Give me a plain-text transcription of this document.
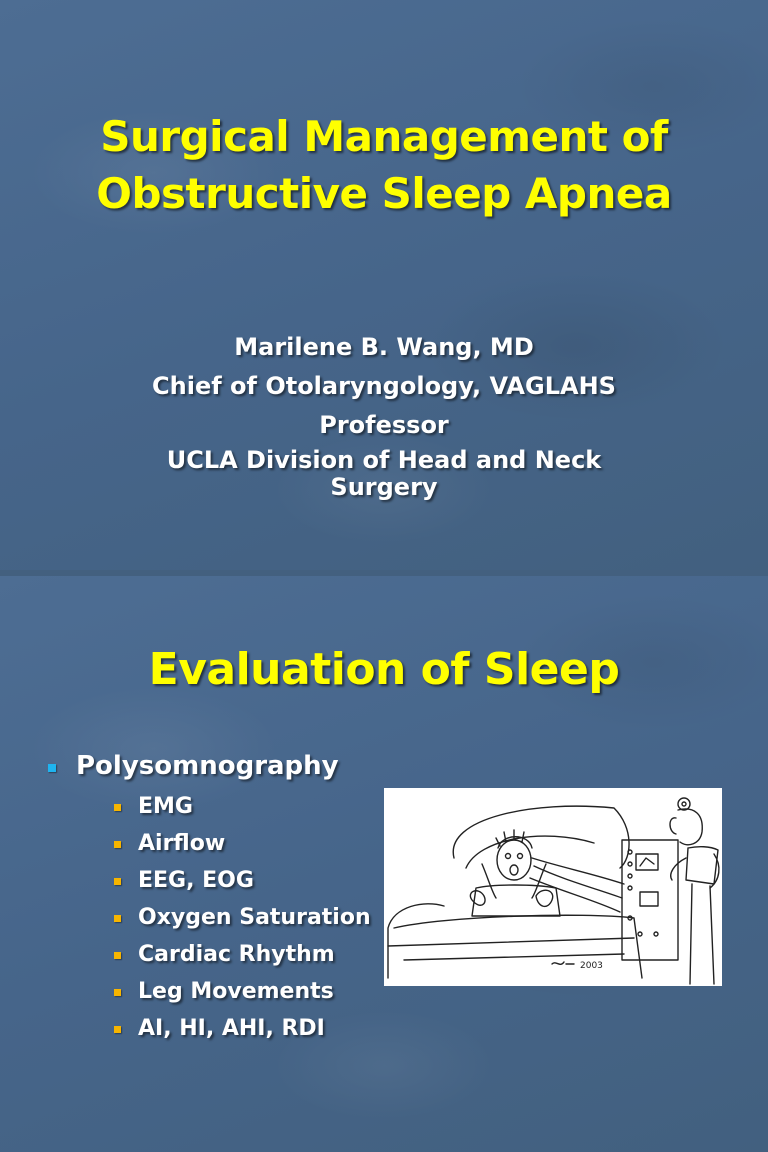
Surgical Management of
Obstructive Sleep Apnea
Marilene B. Wang, MD
Chief of Otolaryngology, VAGLAHS
Professor
UCLA Division of Head and Neck
Surgery
Evaluation of Sleep
Polysomnography
EMG
Airflow
EEG, EOG
Oxygen Saturation
Cardiac Rhythm
Leg Movements
AI, HI, AHI, RDI
2003
